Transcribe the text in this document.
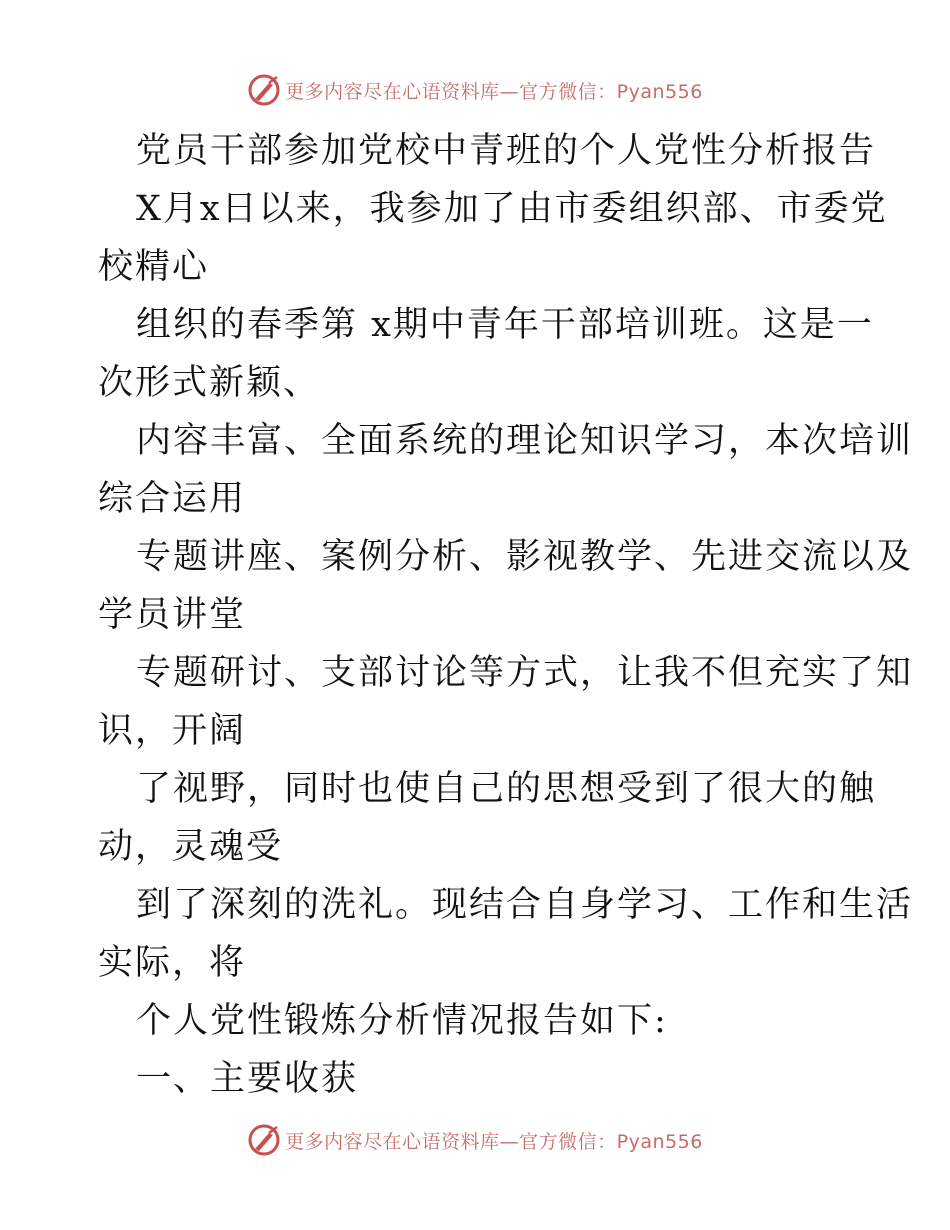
更多内容尽在心语资料库—官方微信：Pyan556
党员干部参加党校中青班的个人党性分析报告
X月x日以来，我参加了由市委组织部、市委党
校精心
组织的春季第 x期中青年干部培训班。这是一
次形式新颖、
内容丰富、全面系统的理论知识学习，本次培训
综合运用
专题讲座、案例分析、影视教学、先进交流以及
学员讲堂
专题研讨、支部讨论等方式，让我不但充实了知
识，开阔
了视野，同时也使自己的思想受到了很大的触
动，灵魂受
到了深刻的洗礼。现结合自身学习、工作和生活
实际，将
个人党性锻炼分析情况报告如下:
一、主要收获
更多内容尽在心语资料库—官方微信：Pyan556
